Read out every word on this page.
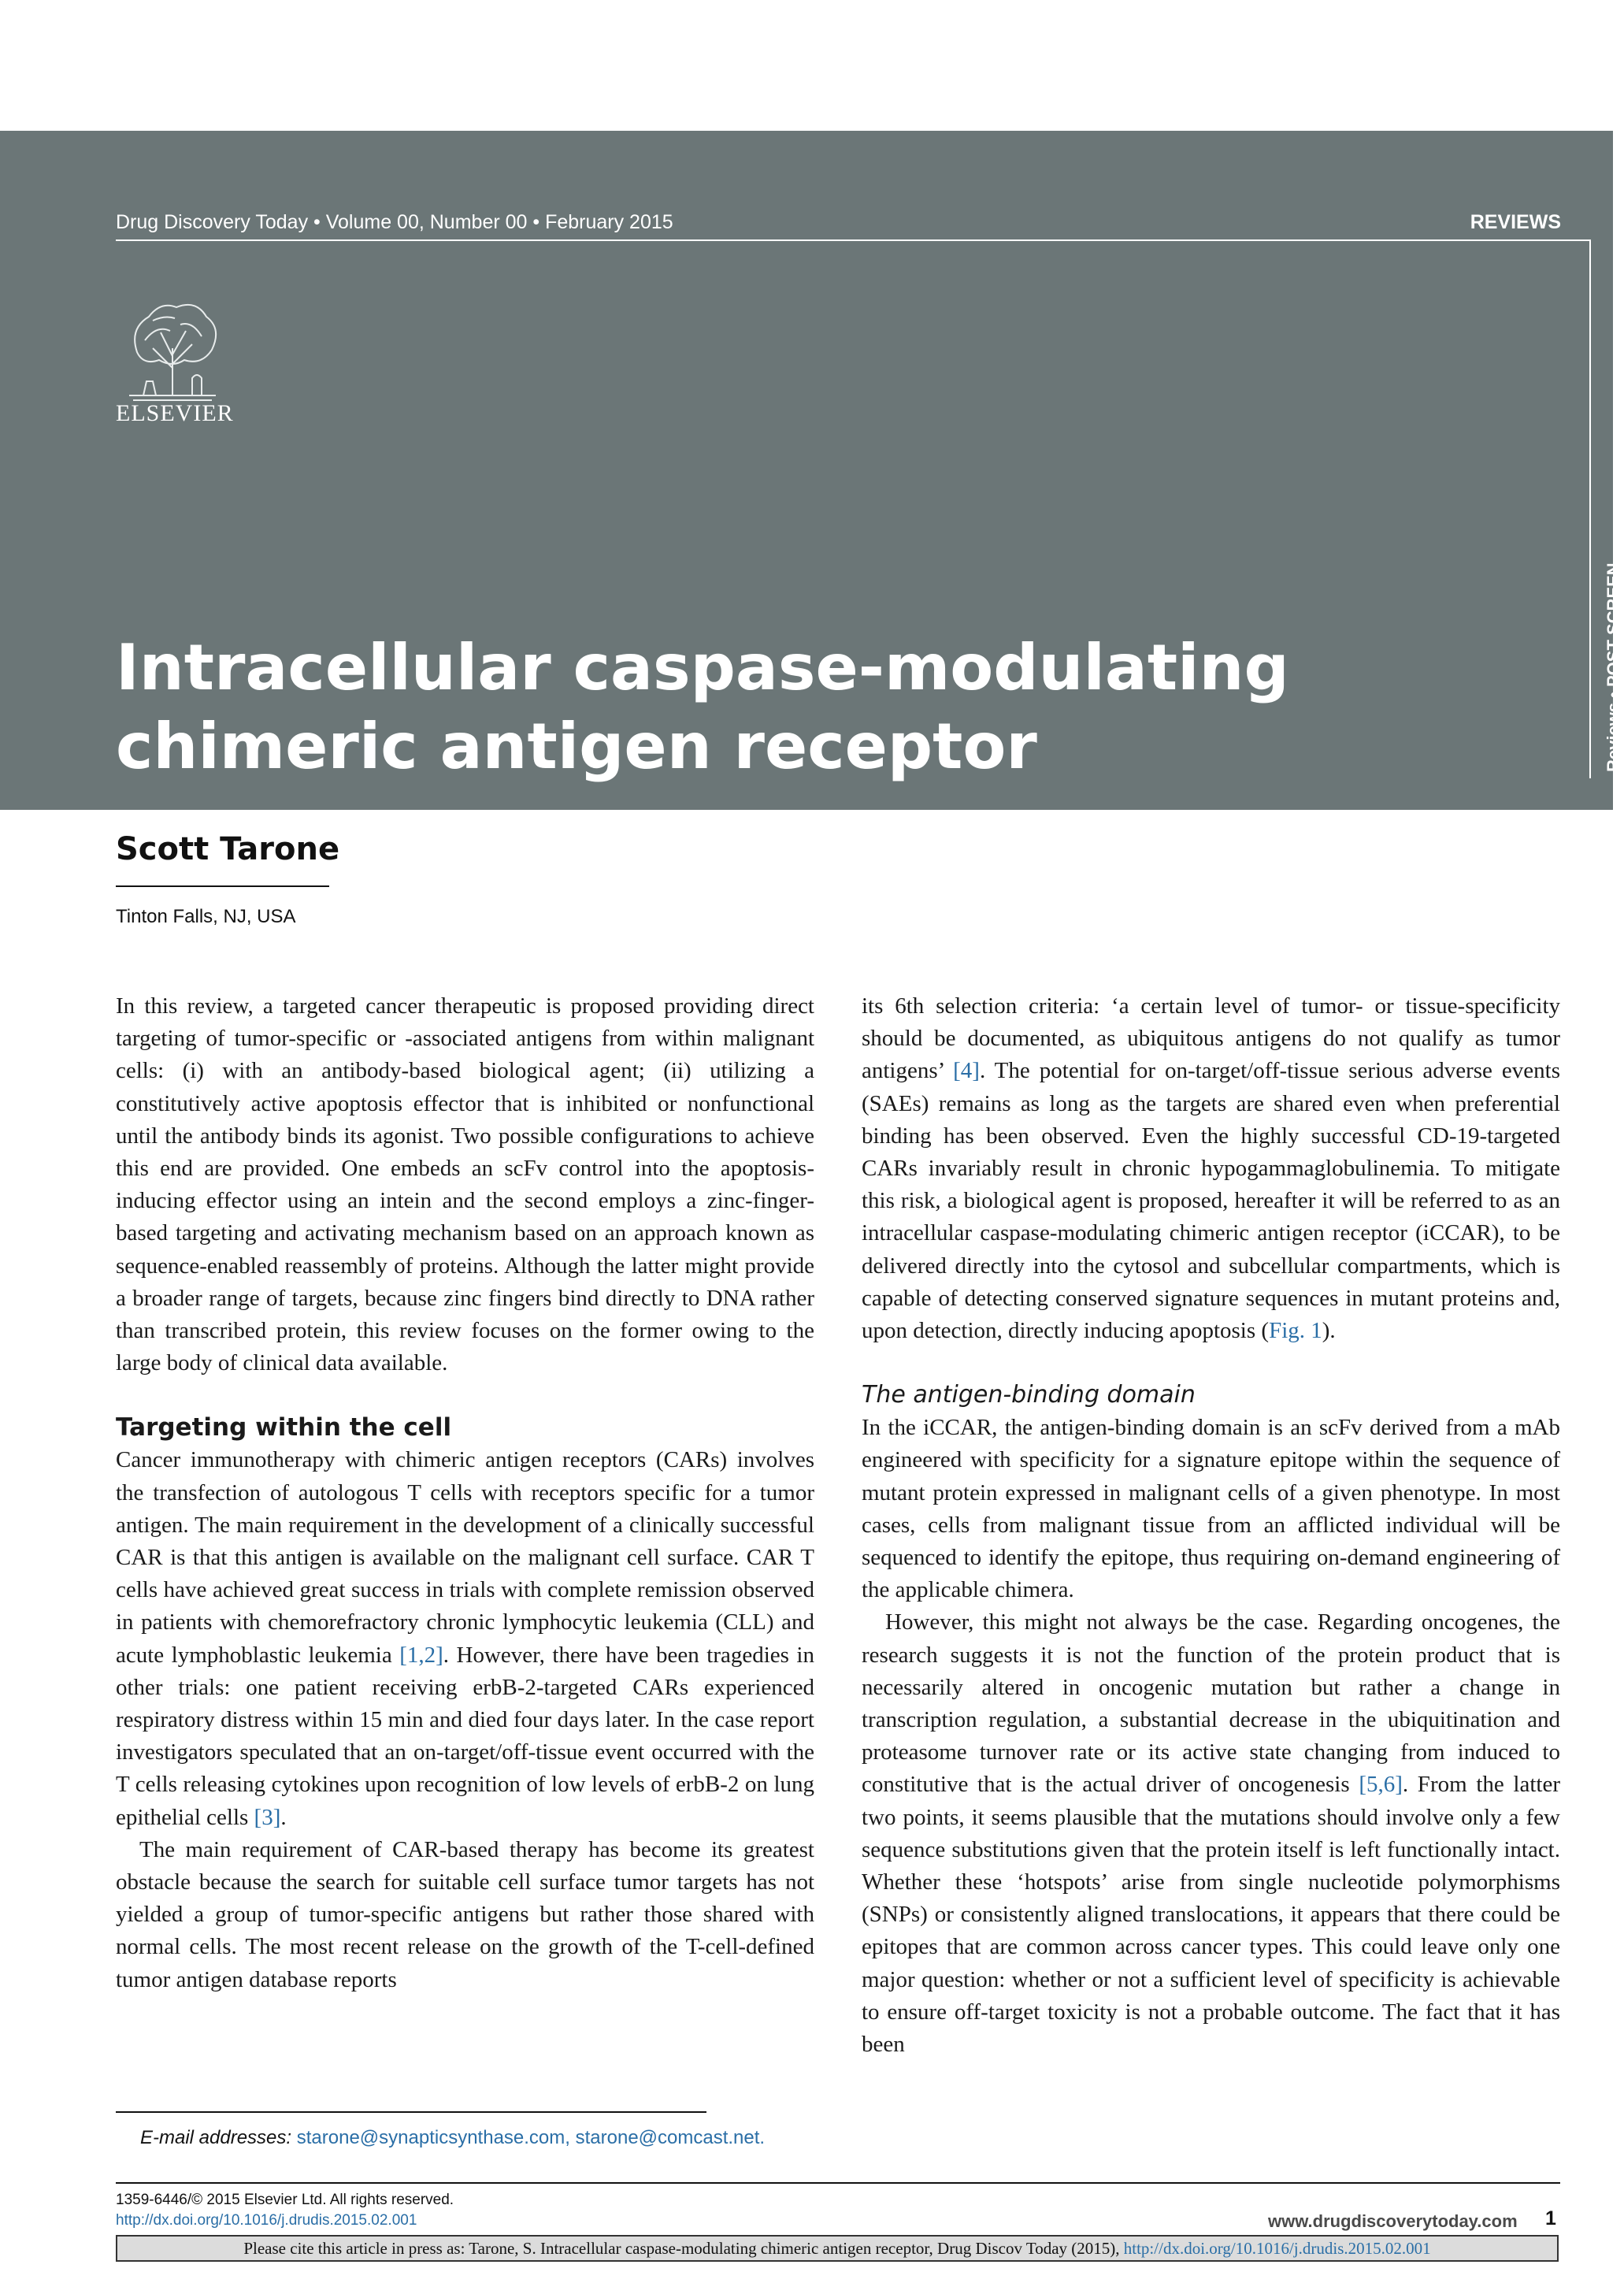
Drug Discovery Today • Volume 00, Number 00 • February 2015	REVIEWS
Reviews • POST SCREEN
ELSEVIER
Intracellular caspase-modulating
chimeric antigen receptor
Scott Tarone
Tinton Falls, NJ, USA

In this review, a targeted cancer therapeutic is proposed providing direct targeting of tumor-specific or -associated antigens from within malignant cells: (i) with an antibody-based biological agent; (ii) utilizing a constitutively active apoptosis effector that is inhibited or nonfunctional until the antibody binds its agonist. Two possible configurations to achieve this end are provided. One embeds an scFv control into the apoptosis-inducing effector using an intein and the second employs a zinc-finger-based targeting and activating mechanism based on an approach known as sequence-enabled reassembly of proteins. Although the latter might provide a broader range of targets, because zinc fingers bind directly to DNA rather than transcribed protein, this review focuses on the former owing to the large body of clinical data available.

Targeting within the cell

Cancer immunotherapy with chimeric antigen receptors (CARs) involves the transfection of autologous T cells with receptors specific for a tumor antigen. The main requirement in the development of a clinically successful CAR is that this antigen is available on the malignant cell surface. CAR T cells have achieved great success in trials with complete remission observed in patients with chemorefractory chronic lymphocytic leukemia (CLL) and acute lymphoblastic leukemia [1,2]. However, there have been tragedies in other trials: one patient receiving erbB-2-targeted CARs experienced respiratory distress within 15 min and died four days later. In the case report investigators speculated that an on-target/off-tissue event occurred with the T cells releasing cytokines upon recognition of low levels of erbB-2 on lung epithelial cells [3].

The main requirement of CAR-based therapy has become its greatest obstacle because the search for suitable cell surface tumor targets has not yielded a group of tumor-specific antigens but rather those shared with normal cells. The most recent release on the growth of the T-cell-defined tumor antigen database reports

its 6th selection criteria: ‘a certain level of tumor- or tissue-specificity should be documented, as ubiquitous antigens do not qualify as tumor antigens’ [4]. The potential for on-target/off-tissue serious adverse events (SAEs) remains as long as the targets are shared even when preferential binding has been observed. Even the highly successful CD-19-targeted CARs invariably result in chronic hypogammaglobulinemia. To mitigate this risk, a biological agent is proposed, hereafter it will be referred to as an intracellular caspase-modulating chimeric antigen receptor (iCCAR), to be delivered directly into the cytosol and subcellular compartments, which is capable of detecting conserved signature sequences in mutant proteins and, upon detection, directly inducing apoptosis (Fig. 1).

The antigen-binding domain

In the iCCAR, the antigen-binding domain is an scFv derived from a mAb engineered with specificity for a signature epitope within the sequence of mutant protein expressed in malignant cells of a given phenotype. In most cases, cells from malignant tissue from an afflicted individual will be sequenced to identify the epitope, thus requiring on-demand engineering of the applicable chimera.

However, this might not always be the case. Regarding oncogenes, the research suggests it is not the function of the protein product that is necessarily altered in oncogenic mutation but rather a change in transcription regulation, a substantial decrease in the ubiquitination and proteasome turnover rate or its active state changing from induced to constitutive that is the actual driver of oncogenesis [5,6]. From the latter two points, it seems plausible that the mutations should involve only a few sequence substitutions given that the protein itself is left functionally intact. Whether these ‘hotspots’ arise from single nucleotide polymorphisms (SNPs) or consistently aligned translocations, it appears that there could be epitopes that are common across cancer types. This could leave only one major question: whether or not a sufficient level of specificity is achievable to ensure off-target toxicity is not a probable outcome. The fact that it has been

E-mail addresses: starone@synapticsynthase.com, starone@comcast.net.
1359-6446/© 2015 Elsevier Ltd. All rights reserved.
http://dx.doi.org/10.1016/j.drudis.2015.02.001	www.drugdiscoverytoday.com 1
Please cite this article in press as: Tarone, S. Intracellular caspase-modulating chimeric antigen receptor, Drug Discov Today (2015), http://dx.doi.org/10.1016/j.drudis.2015.02.001
